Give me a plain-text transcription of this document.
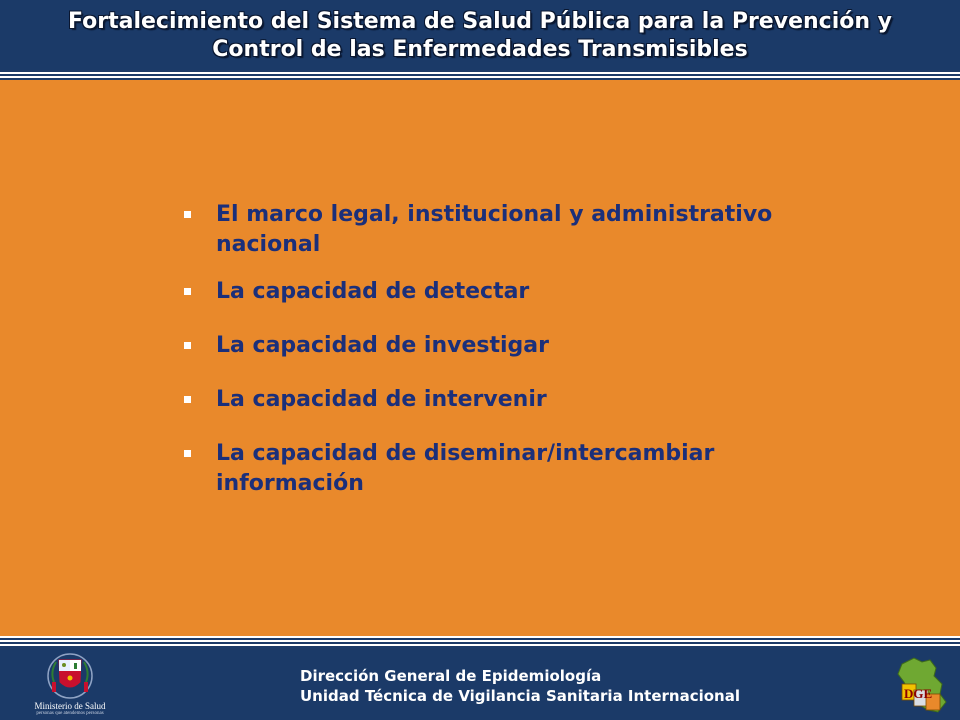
Fortalecimiento del Sistema de Salud Pública para la Prevención y
Control de las Enfermedades Transmisibles
El marco legal, institucional y administrativo
nacional
La capacidad de detectar
La capacidad de investigar
La capacidad de intervenir
La capacidad de diseminar/intercambiar
información
Ministerio de Salud
personas que atendemos personas
Dirección General de Epidemiología
Unidad Técnica de Vigilancia Sanitaria Internacional	DGE
